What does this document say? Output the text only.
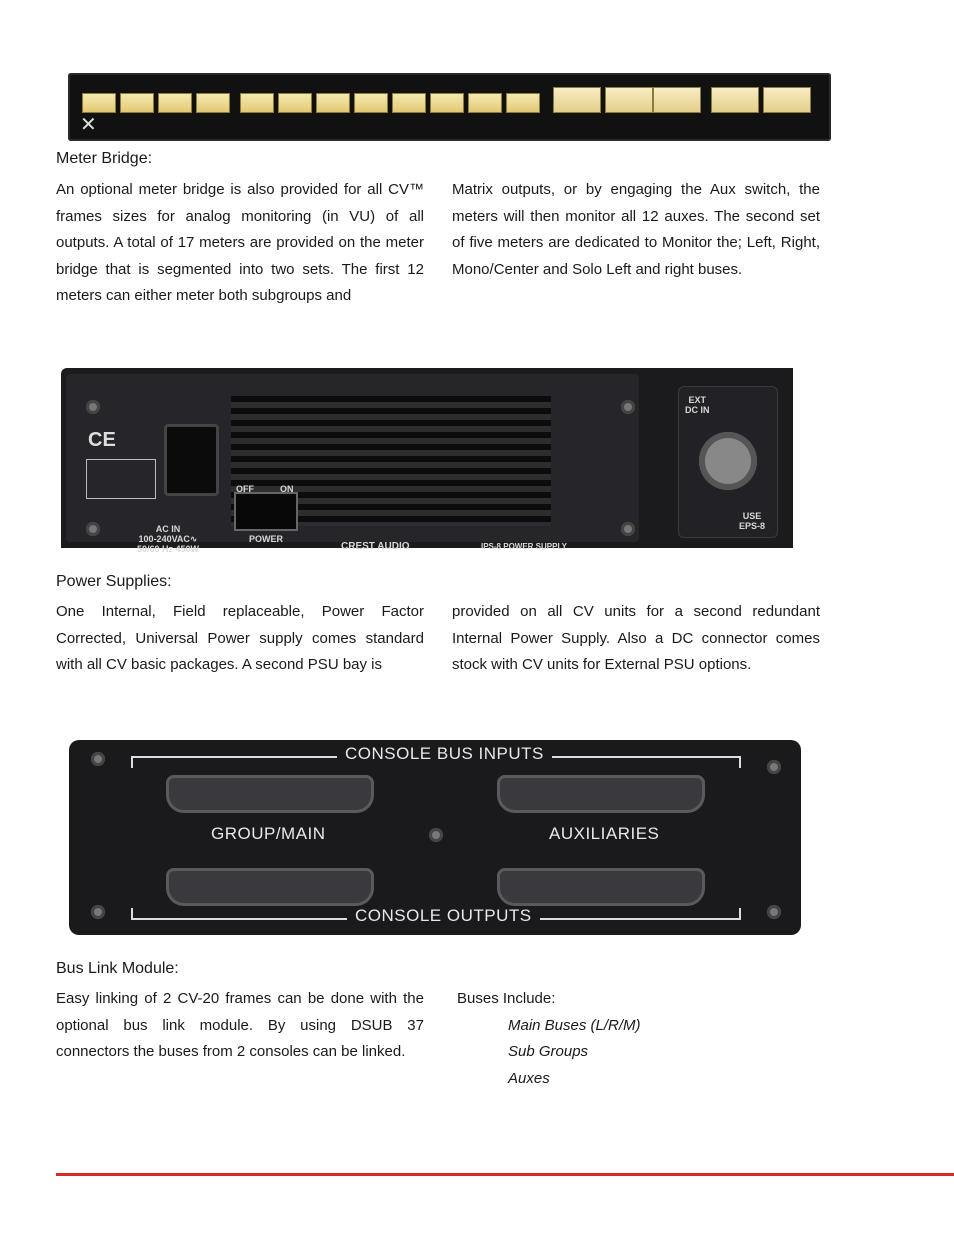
✕
Meter Bridge:

An optional meter bridge is also provided for all CV™ frames sizes for analog monitoring (in VU) of all outputs. A total of 17 meters are provided on the meter bridge that is segmented into two sets. The first 12 meters can either meter both subgroups and

Matrix outputs, or by engaging the Aux switch, the meters will then monitor all 12 auxes. The second set of five meters are dedicated to Monitor the; Left, Right, Mono/Center and Solo Left and right buses.

CE
OFF	ON
POWER
AC IN
100-240VAC∿
50/60 Hz 450W	CREST AUDIO	IPS-8 POWER SUPPLY
EXT
DC IN
USE
EPS-8
Power Supplies:

One Internal, Field replaceable, Power Factor Corrected, Universal Power supply comes standard with all CV basic packages. A second PSU bay is

provided on all CV units for a second redundant Internal Power Supply. Also a DC connector comes stock with CV units for External PSU options.

CONSOLE BUS INPUTS
GROUP/MAIN	AUXILIARIES
CONSOLE OUTPUTS
Bus Link Module:

Easy linking of 2 CV-20 frames can be done with the optional bus link module. By using DSUB 37 connectors the buses from 2 consoles can be linked.

Buses Include:
Main Buses (L/R/M)
Sub Groups
Auxes
